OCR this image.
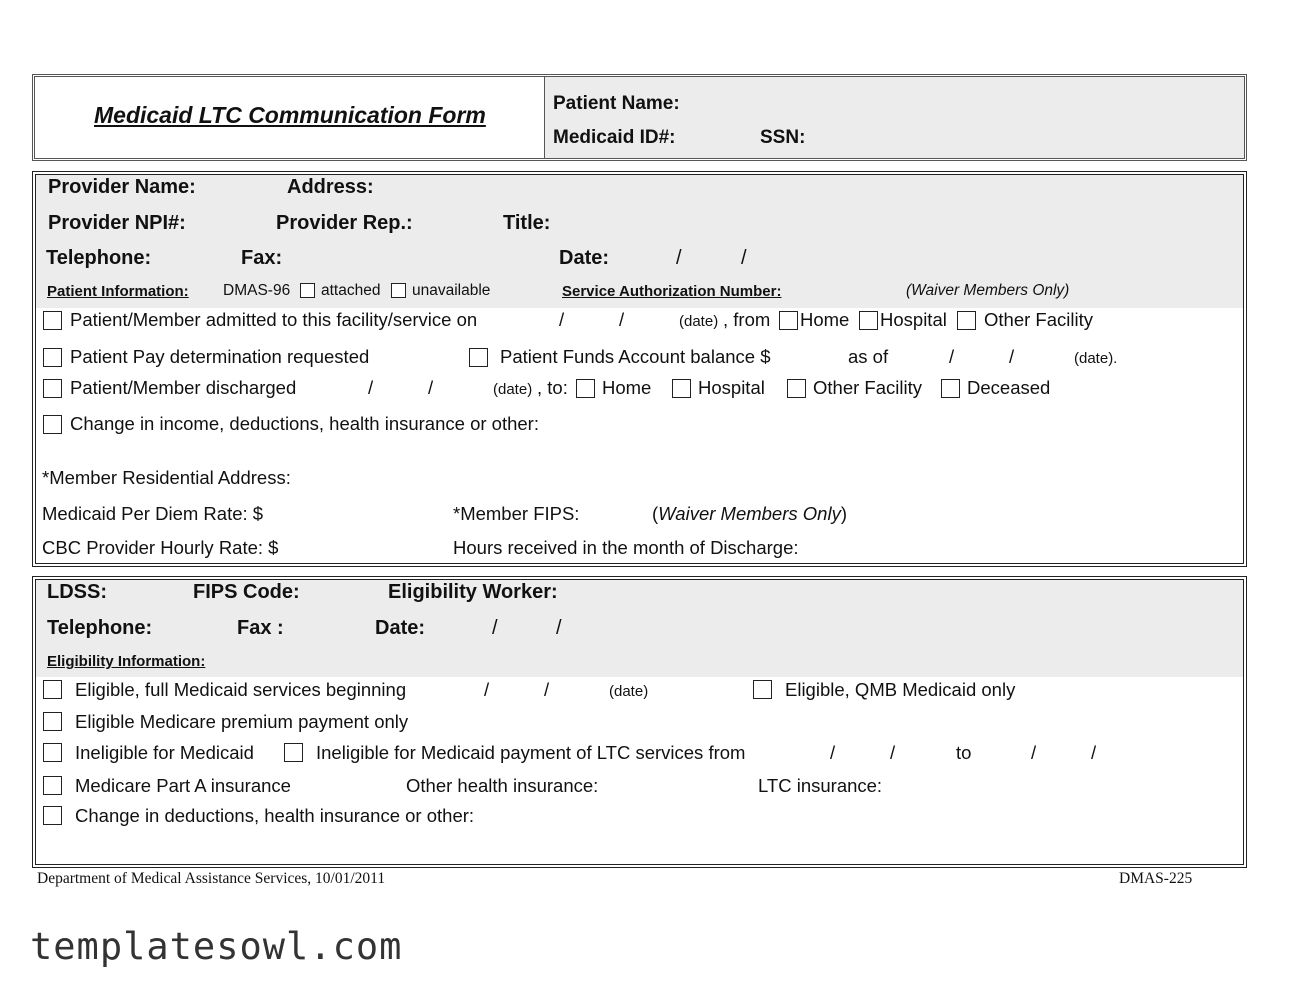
Medicaid LTC Communication Form	Patient Name:
Medicaid ID#:	SSN:
Provider Name:	Address:
Provider NPI#:	Provider Rep.:	Title:
Telephone:	Fax:	Date:	/	/
Patient Information: DMAS-96 attached unavailable	Service Authorization Number:	(Waiver Members Only)
Patient/Member admitted to this facility/service on	/	/	(date) , from Home Hospital Other Facility
Patient Pay determination requested	Patient Funds Account balance $	as of	/	/	(date).
Patient/Member discharged	/	/	(date) , to: Home	Hospital	Other Facility Deceased
Change in income, deductions, health insurance or other:
*Member Residential Address:
Medicaid Per Diem Rate: $	*Member FIPS:	(Waiver Members Only)
CBC Provider Hourly Rate: $	Hours received in the month of Discharge:
LDSS:	FIPS Code:	Eligibility Worker:
Telephone:	Fax :	Date:	/	/
Eligibility Information:
Eligible, full Medicaid services beginning	/	/	(date)	Eligible, QMB Medicaid only
Eligible Medicare premium payment only
Ineligible for Medicaid	Ineligible for Medicaid payment of LTC services from	/	/	to	/	/
Medicare Part A insurance	Other health insurance:	LTC insurance:
Change in deductions, health insurance or other:
Department of Medical Assistance Services, 10/01/2011	DMAS-225
templatesowl.com
